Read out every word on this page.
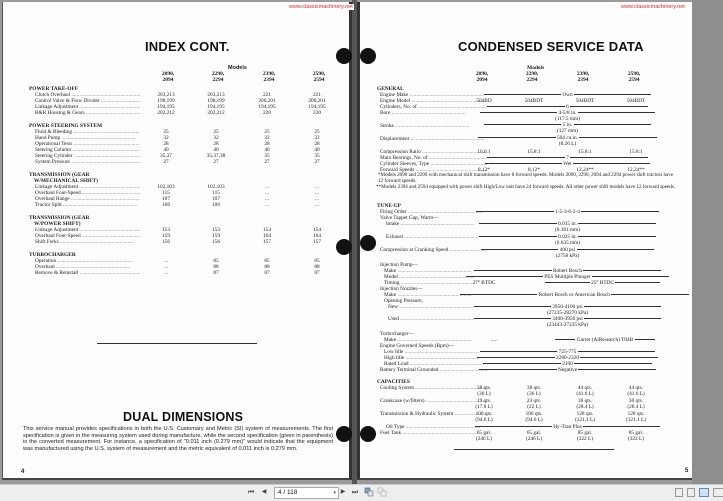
www.classicmachinery.net
INDEX CONT.
Models
2090,
2094
2290,
2294
2390,
2394
2590,
2594
POWER TAKE-OFF
Clutch Overhaul .....	203,213	203,213	221	221
Control Valve & Flow Divider .....	198,199	198,199	200,201	200,201
Linkage Adjustment .....	194,195	194,195	194,195	194,195
B&R Housing & Gears .....	202,212	202,212	220	220
POWER STEERING SYSTEM
Fluid & Bleeding .....	25	25	25	25
Hand Pump .....	32	32	32	32
Operational Tests .....	28	28	28	28
Steering Column .....	40	40	40	40
Steering Cylinder .....	35,37	35,37,38	35	35
System Pressure .....	27	27	27	27
TRANSMISSION (GEAR
W/MECHANICAL SHIFT)
Linkage Adjustment .....	102,103	102,103	...	...
Overhaul Four-Speed .....	115	115	...	...
Overhaul Range .....	107	107	...	...
Tractor Split .....	106	106	...	...
TRANSMISSION (GEAR
W/POWER SHIFT)
Linkage Adjustment .....	153	153	154	154
Overhaul Four-Speed .....	159	159	164	164
Shift Forks .....	156	156	157	157
TURBOCHARGER
Operation .....	...	85	85	85
Overhaul .....	...	88	88	88
Remove & Reinstall .....	...	87	87	87
DUAL DIMENSIONS
This service manual provides specifications in both the U.S. Customary and Metric (SI) system of measurements. The first specification is given in the measuring system used during manufacture, while the second specification (given in parenthesis) is the converted measurement. For instance, a specification of "0.011 inch (0.279 mm)" would indicate that the equipment was manufactured using the U.S. system of measurement and the metric equivalent of 0.011 inch is 0.279 mm.
4
www.classicmachinery.net
CONDENSED SERVICE DATA
Models
2090,
2094
2290,
2294
2390,
2394
2590,
2594
GENERAL
Engine Make .....	Own
Engine Model .....	504BD	504BDT	504BDT	504BDT
Cylinders, No. of .....	6
Bore .....	4-5/8 in.
(117.5 mm)
Stroke .....	5 in.
(127 mm)
Displacement .....	504 cu.in.
(8.26 L)
Compression Ratio .....	16.0:1	15.8:1	15.8:1	15.8:1
Main Bearings, No. of .....	7
Cylinder Sleeves, Type .....	Wet
Forward Speeds .....	8,12*	8,12*	12,24**	12,24**
*Models 2090 and 2290 with mechanical shift transmission have 8 forward speeds. Models 2090, 2290, 2094 and 2294 power shift tractors have 12 forward speeds.
**Models 2394 and 2594 equipped with power shift High/Low unit have 24 forward speeds. All other power shift models have 12 forward speeds.
TUNE-UP
Firing Order .....	1-5-3-6-2-4
Valve Tappet Gap, Warm—
Intake .....	0.015 in.
(0.381 mm)
Exhaust .....	0.025 in.
(0.635 mm)
Compression at Cranking Speed .....	400 psi
(2758 kPa)
Injection Pump—
Make .....	Robert Bosch
Model .....	PES Multiple Plunger
Timing .....	27° BTDC	25° BTDC
Injection Nozzles—
Make .....	Robert Bosch or American Bosch
Opening Pressure,
New .....	3950-4100 psi
(27235-28270 kPa)
Used .....	3400-3950 psi
(23443-27235 kPa)
Turbocharger—
Make .....	.....	Garret (AiResearch) T04B
Engine Governed Speeds (Rpm)—
Low Idle .....	725-775
High Idle .....	2280-2320
Rated Load .....	2100
Battery Terminal Grounded .....	Negative
CAPACITIES
Cooling System .....	38 qts.	38 qts.	44 qts.	44 qts.
(36 L)	(36 L)	(41.6 L)	(41.6 L)
Crankcase (w/filters) .....	19 qts.	23 qts.	30 qts.	30 qts.
(17.8 L)	(22 L)	(28.4 L)	(28.4 L)
Transmission & Hydraulic System .....	100 qts.	100 qts.	128 qts.	128 qts.
(94.6 L)	(94.6 L)	(121.1 L)	(121.1 L)
Oil Type .....	Hy-Tran Plus
Fuel Tank .....	65 gal.	65 gal.	85 gal.	85 gal.
(246 L)	(246 L)	(322 L)	(322 L)
5
⏮	◀	4 / 118	▾ ▶ ⏭
